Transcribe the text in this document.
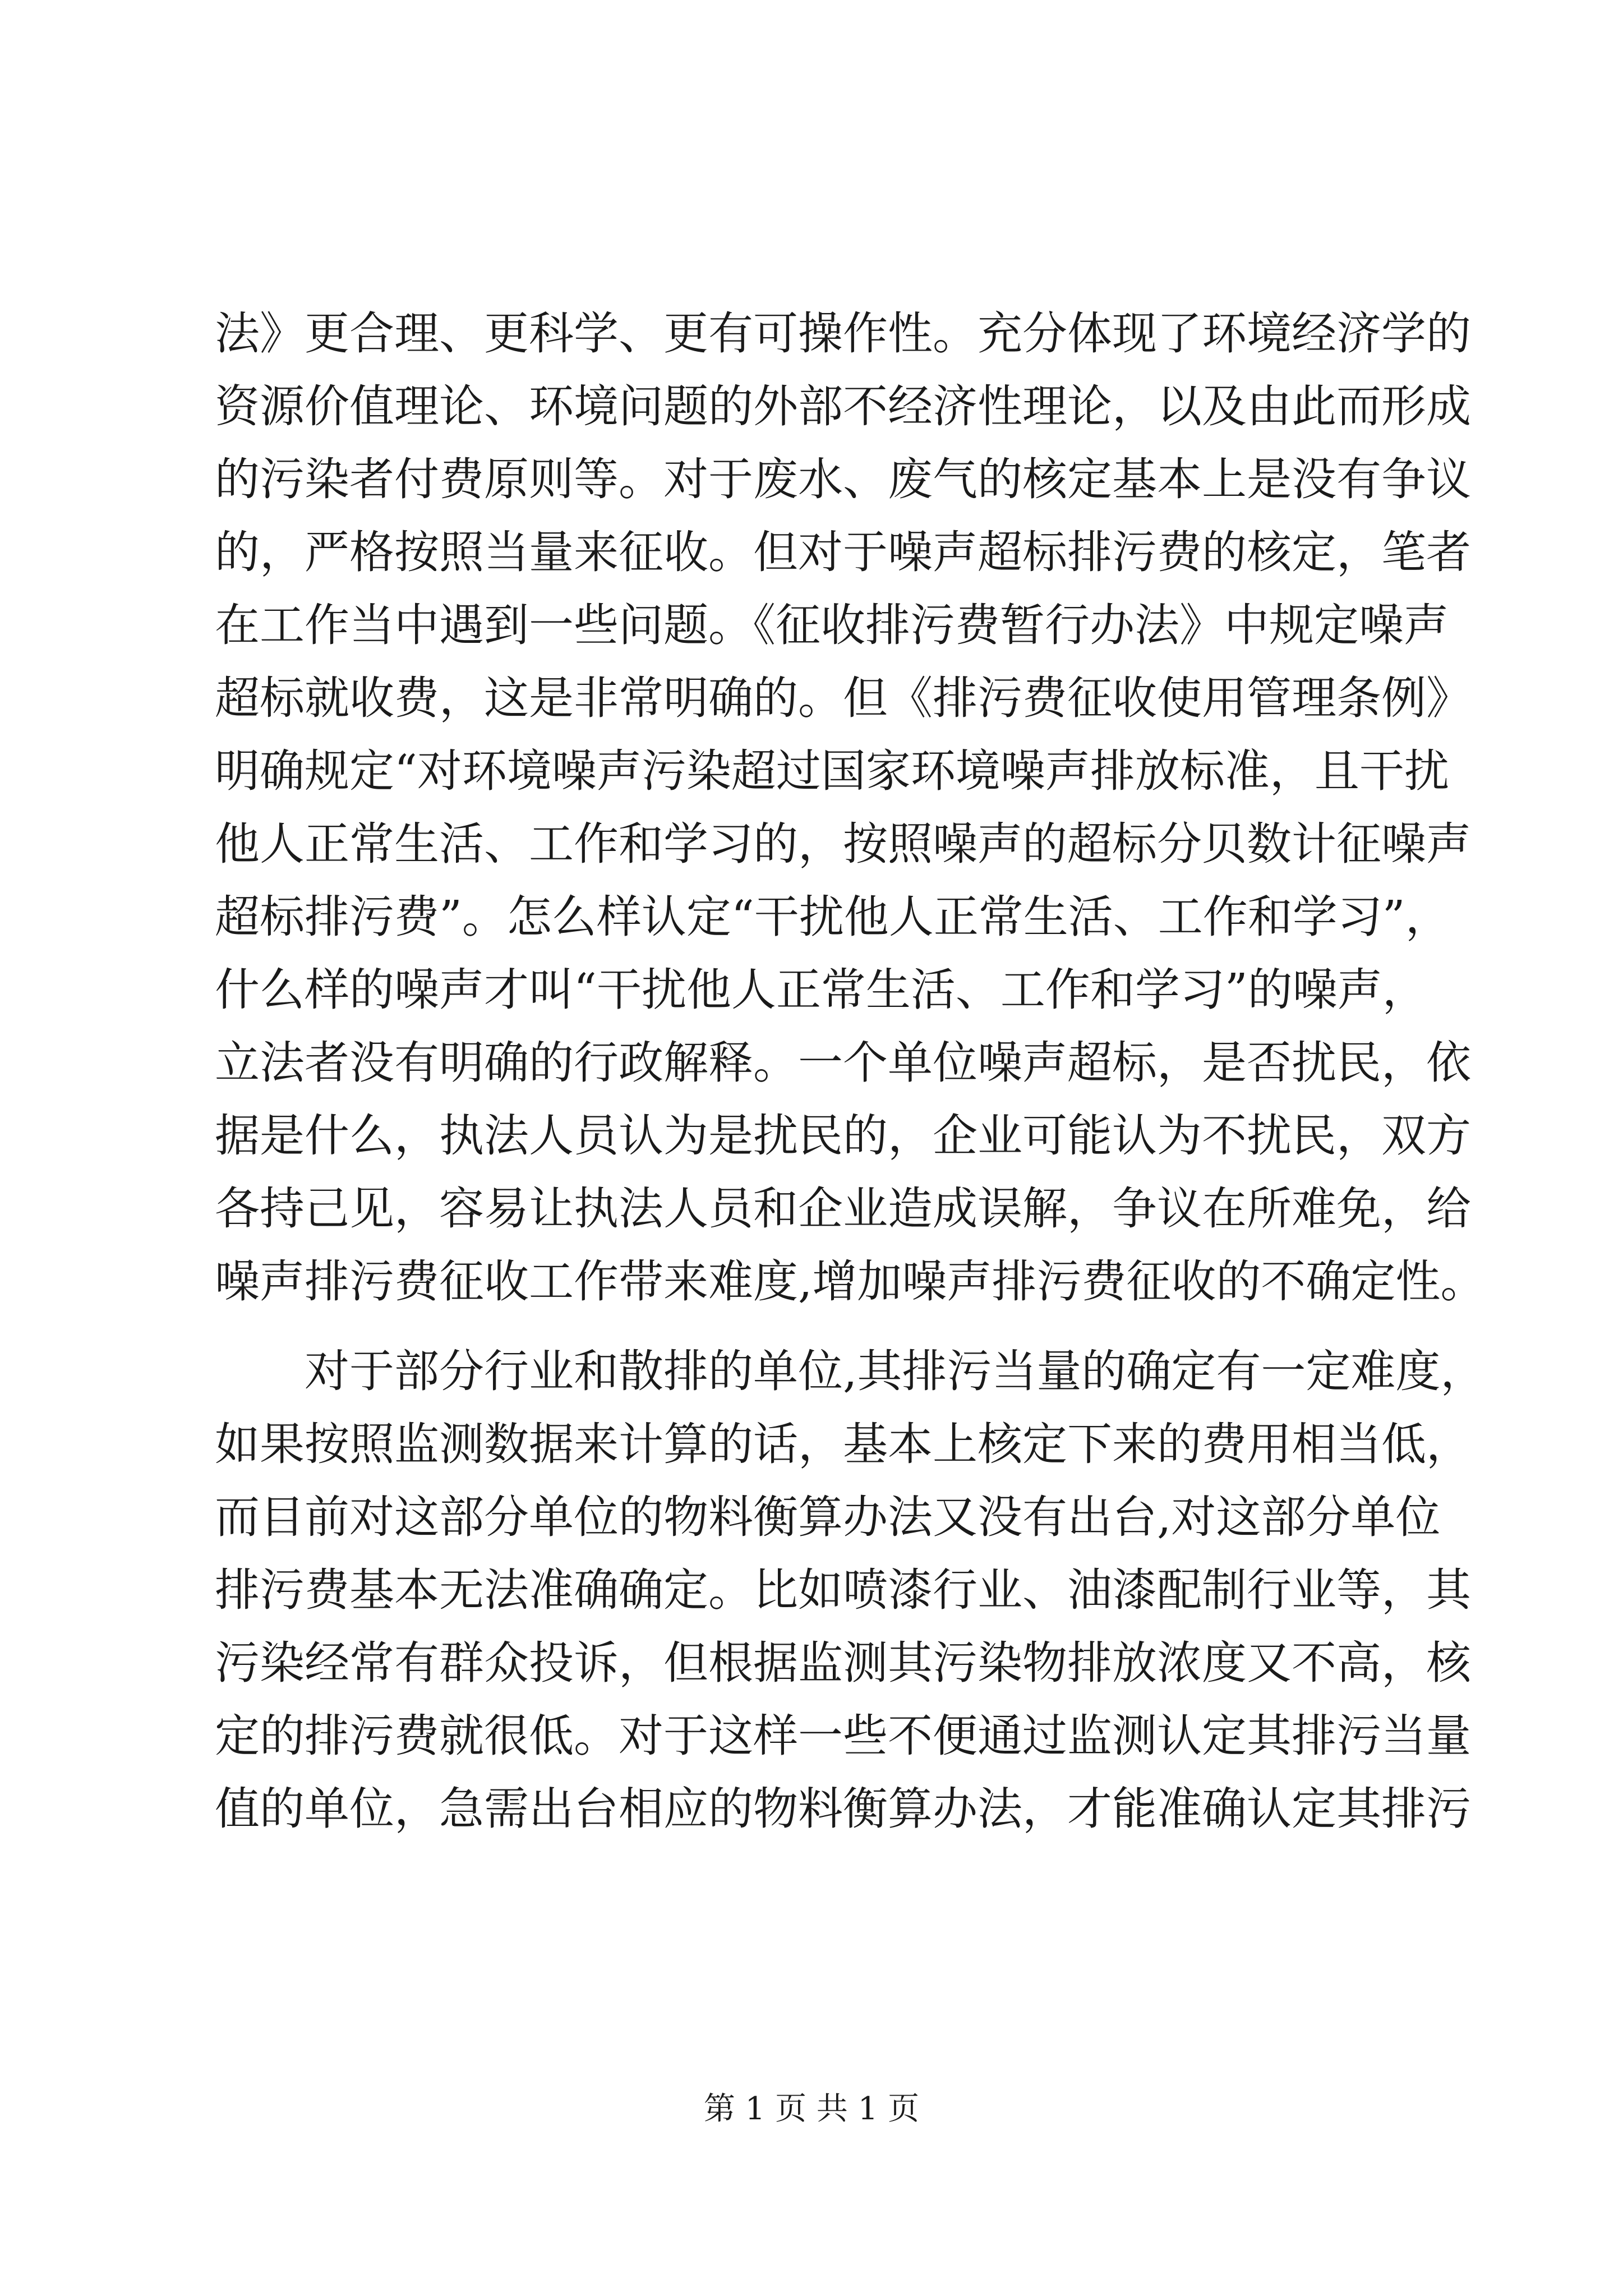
法》更合理、更科学、更有可操作性。充分体现了环境经济学的
资源价值理论、环境问题的外部不经济性理论，以及由此而形成
的污染者付费原则等。对于废水、废气的核定基本上是没有争议
的，严格按照当量来征收。但对于噪声超标排污费的核定，笔者
在工作当中遇到一些问题。《征收排污费暂行办法》中规定噪声
超标就收费，这是非常明确的。但《排污费征收使用管理条例》
明确规定“对环境噪声污染超过国家环境噪声排放标准，且干扰
他人正常生活、工作和学习的，按照噪声的超标分贝数计征噪声
超标排污费”。怎么样认定“干扰他人正常生活、工作和学习”，
什么样的噪声才叫“干扰他人正常生活、工作和学习”的噪声，
立法者没有明确的行政解释。一个单位噪声超标，是否扰民，依
据是什么，执法人员认为是扰民的，企业可能认为不扰民，双方
各持己见，容易让执法人员和企业造成误解，争议在所难免，给
噪声排污费征收工作带来难度,增加噪声排污费征收的不确定性。
对于部分行业和散排的单位,其排污当量的确定有一定难度，
如果按照监测数据来计算的话，基本上核定下来的费用相当低，
而目前对这部分单位的物料衡算办法又没有出台,对这部分单位
排污费基本无法准确确定。比如喷漆行业、油漆配制行业等，其
污染经常有群众投诉，但根据监测其污染物排放浓度又不高，核
定的排污费就很低。对于这样一些不便通过监测认定其排污当量
值的单位，急需出台相应的物料衡算办法，才能准确认定其排污
第 1 页 共 1 页
